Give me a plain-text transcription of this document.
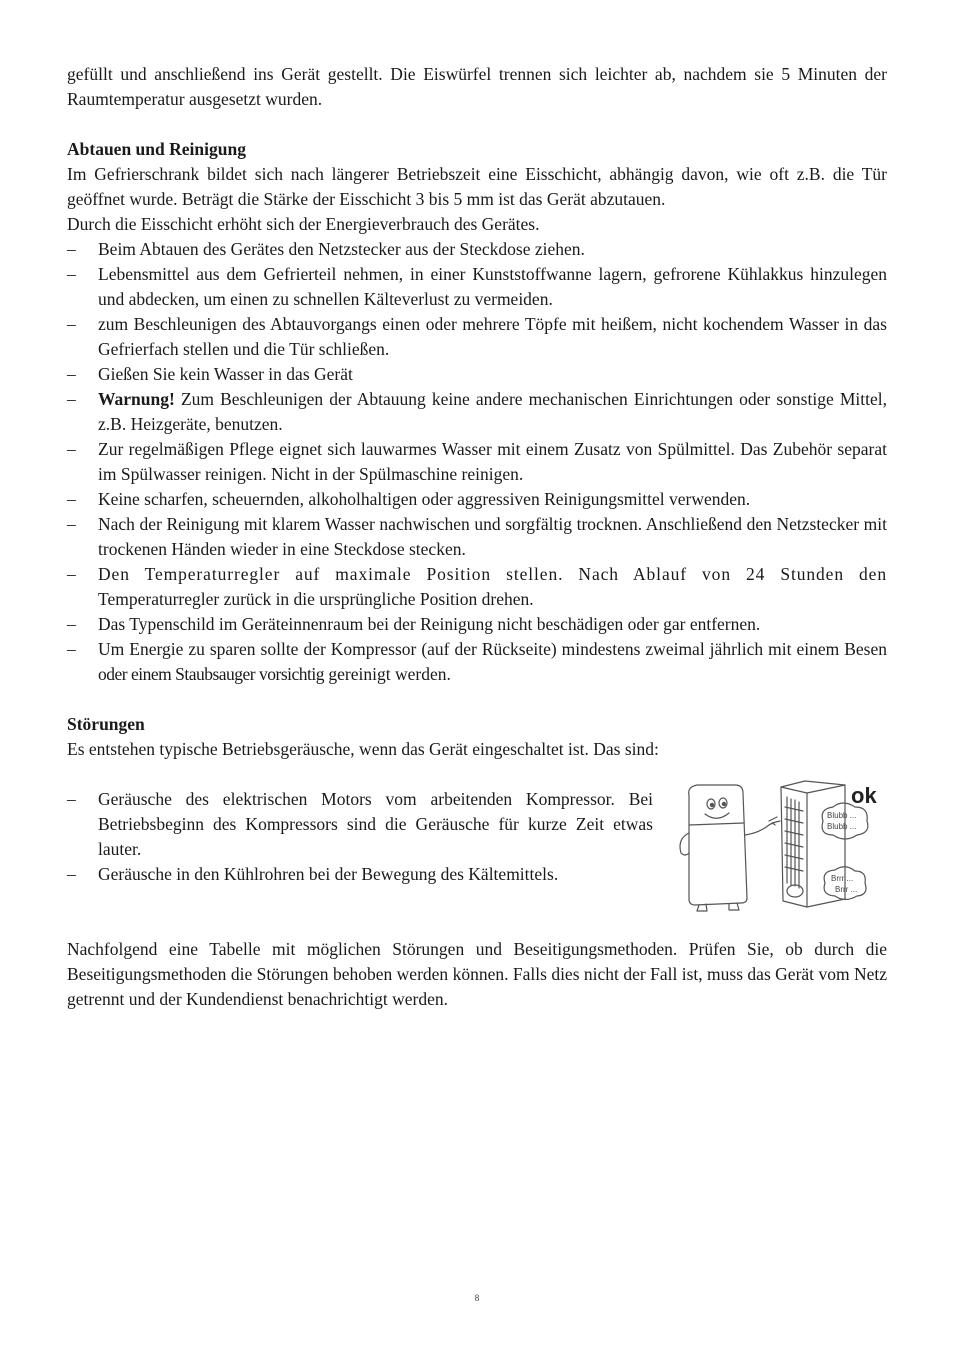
gefüllt und anschließend ins Gerät gestellt. Die Eiswürfel trennen sich leichter ab, nachdem sie 5 Minuten der Raumtemperatur ausgesetzt wurden.

Abtauen und Reinigung

Im Gefrierschrank bildet sich nach längerer Betriebszeit eine Eisschicht, abhängig davon, wie oft z.B. die Tür geöffnet wurde. Beträgt die Stärke der Eisschicht 3 bis 5 mm ist das Gerät abzutauen.

Durch die Eisschicht erhöht sich der Energieverbrauch des Gerätes.

– Beim Abtauen des Gerätes den Netzstecker aus der Steckdose ziehen.
– Lebensmittel aus dem Gefrierteil nehmen, in einer Kunststoffwanne lagern, gefrorene Kühlakkus hinzulegen und abdecken, um einen zu schnellen Kälteverlust zu vermeiden.
– zum Beschleunigen des Abtauvorgangs einen oder mehrere Töpfe mit heißem, nicht kochendem Wasser in das Gefrierfach stellen und die Tür schließen.
– Gießen Sie kein Wasser in das Gerät
– Warnung! Zum Beschleunigen der Abtauung keine andere mechanischen Einrichtungen oder sonstige Mittel, z.B. Heizgeräte, benutzen.
– Zur regelmäßigen Pflege eignet sich lauwarmes Wasser mit einem Zusatz von Spülmittel. Das Zubehör separat im Spülwasser reinigen. Nicht in der Spülmaschine reinigen.
– Keine scharfen, scheuernden, alkoholhaltigen oder aggressiven Reinigungsmittel verwenden.
– Nach der Reinigung mit klarem Wasser nachwischen und sorgfältig trocknen. Anschließend den Netzstecker mit trockenen Händen wieder in eine Steckdose stecken.
– Den Temperaturregler auf maximale Position stellen. Nach Ablauf von 24 Stunden den Temperaturregler zurück in die ursprüngliche Position drehen.
– Das Typenschild im Geräteinnenraum bei der Reinigung nicht beschädigen oder gar entfernen.
– Um Energie zu sparen sollte der Kompressor (auf der Rückseite) mindestens zweimal jährlich mit einem Besen oder einem Staubsauger vorsichtig gereinigt werden.
Störungen

Es entstehen typische Betriebsgeräusche, wenn das Gerät eingeschaltet ist. Das sind:

– Geräusche des elektrischen Motors vom arbeitenden Kompressor. Bei Betriebsbeginn des Kompressors sind die Geräusche für kurze Zeit etwas lauter.
– Geräusche in den Kühlrohren bei der Bewegung des Kältemittels.
ok
Blubb ...
Blubb ...
Brrr ...
Brrr ...

Nachfolgend eine Tabelle mit möglichen Störungen und Beseitigungsmethoden. Prüfen Sie, ob durch die Beseitigungsmethoden die Störungen behoben werden können. Falls dies nicht der Fall ist, muss das Gerät vom Netz getrennt und der Kundendienst benachrichtigt werden.

8
